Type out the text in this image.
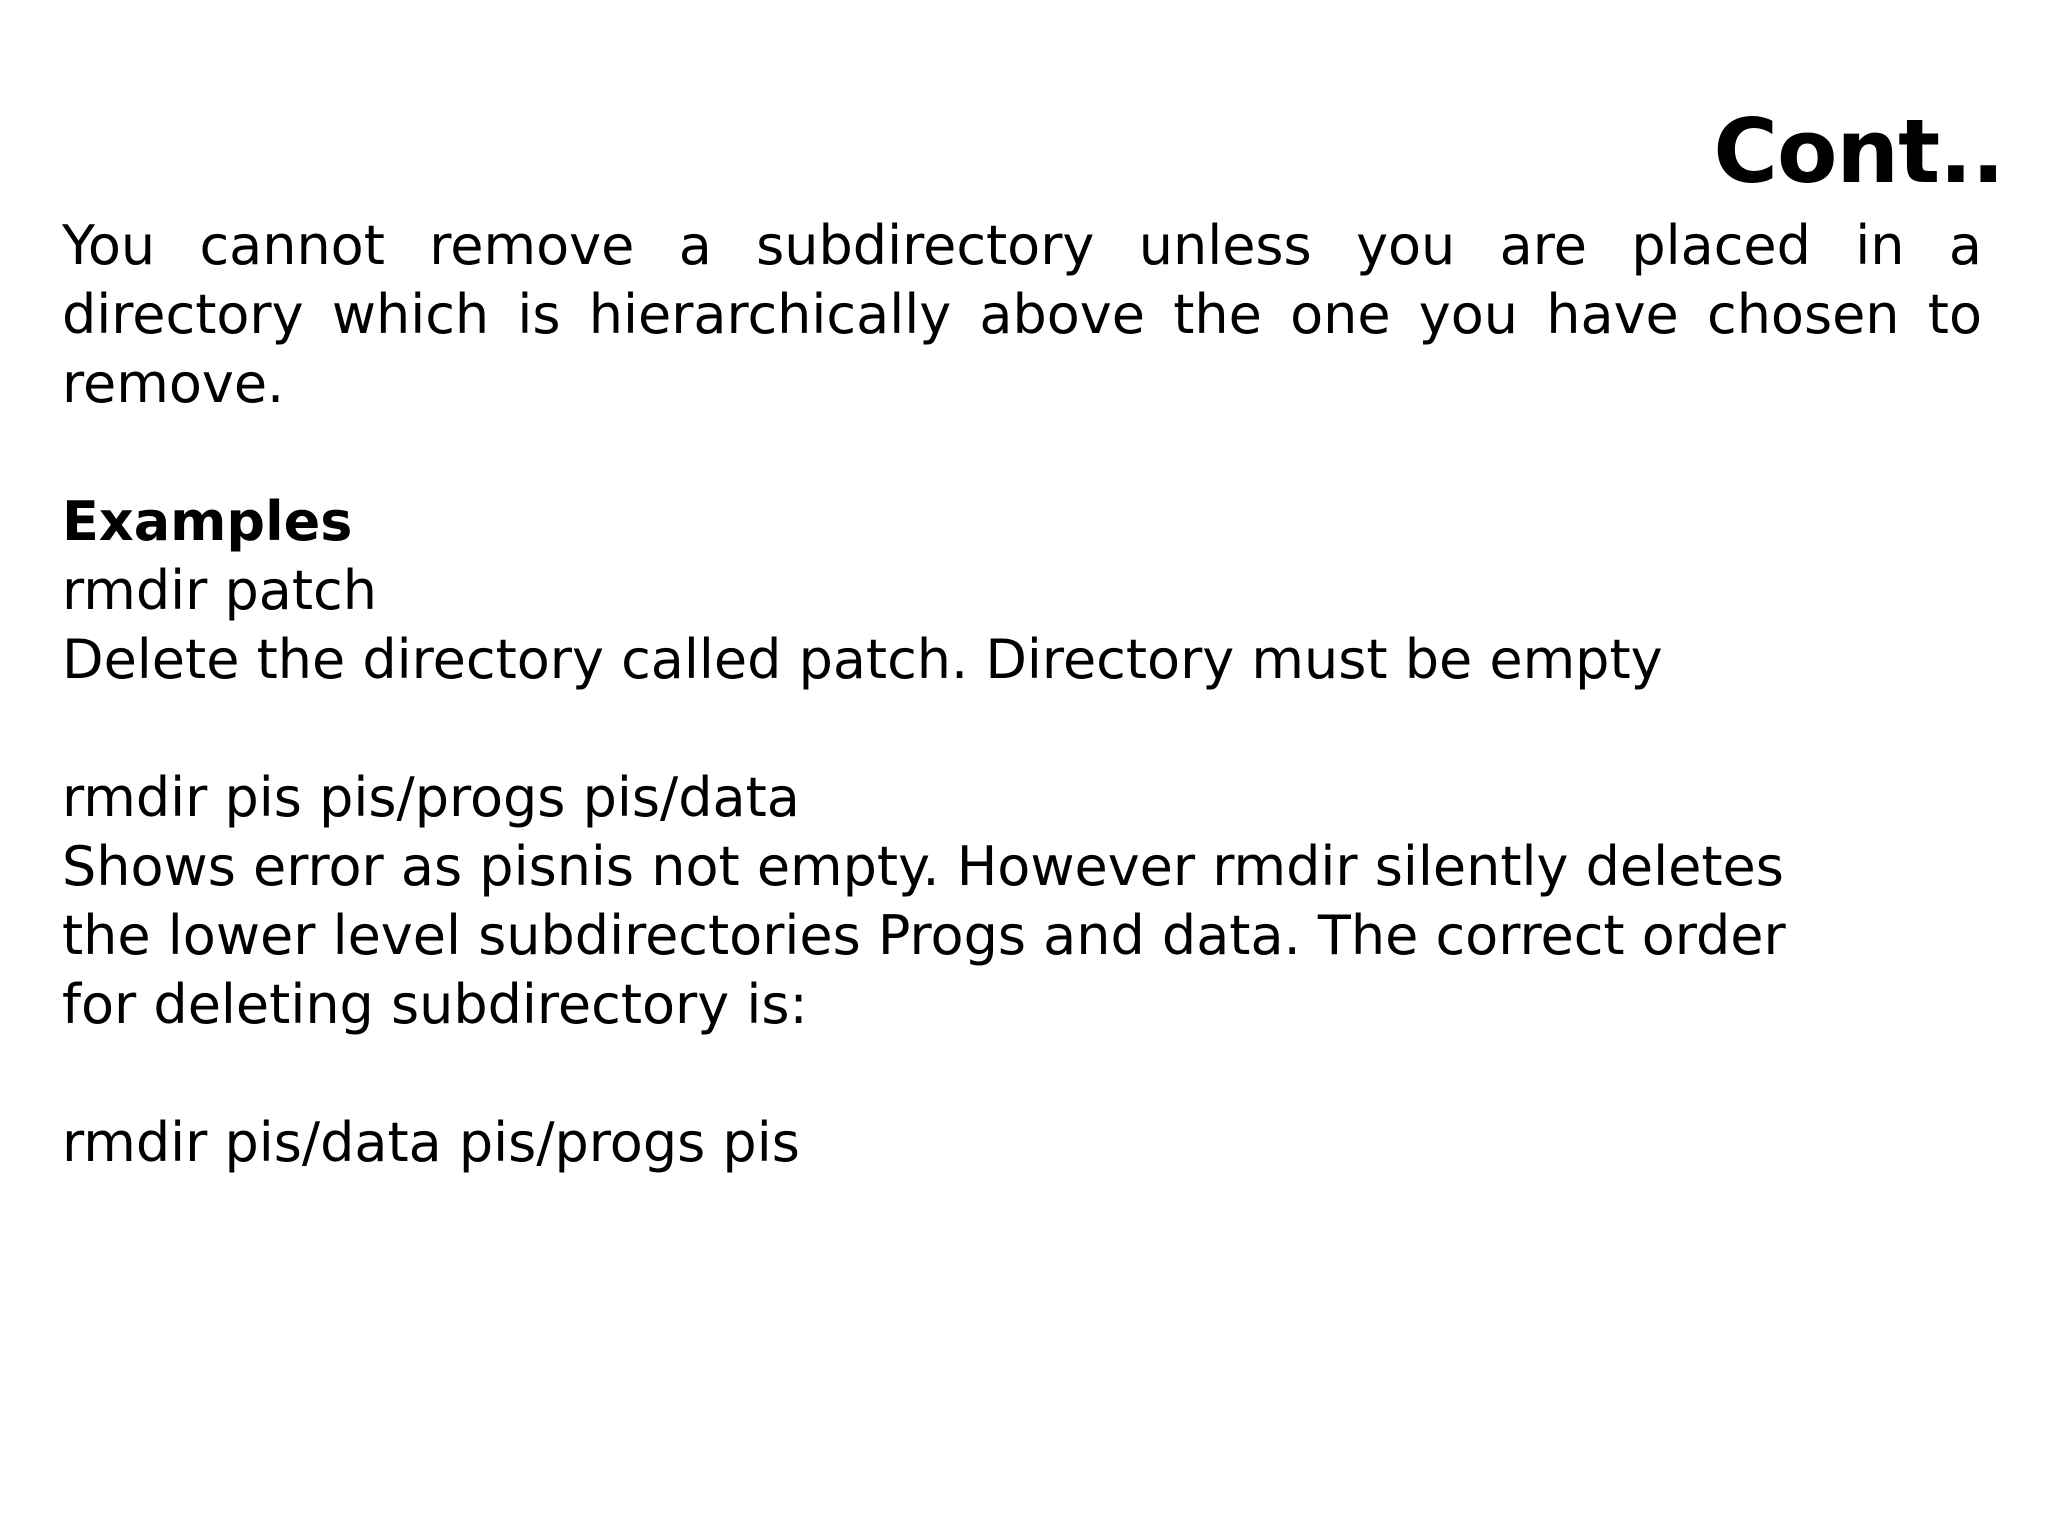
Cont..

You cannot remove a subdirectory unless you are placed in a directory which is hierarchically above the one you have chosen to remove.

Examples
rmdir patch
Delete the directory called patch. Directory must be empty
rmdir pis pis/progs pis/data
Shows error as pisnis not empty. However rmdir silently deletes
the lower level subdirectories Progs and data. The correct order
for deleting subdirectory is:
rmdir pis/data pis/progs pis
